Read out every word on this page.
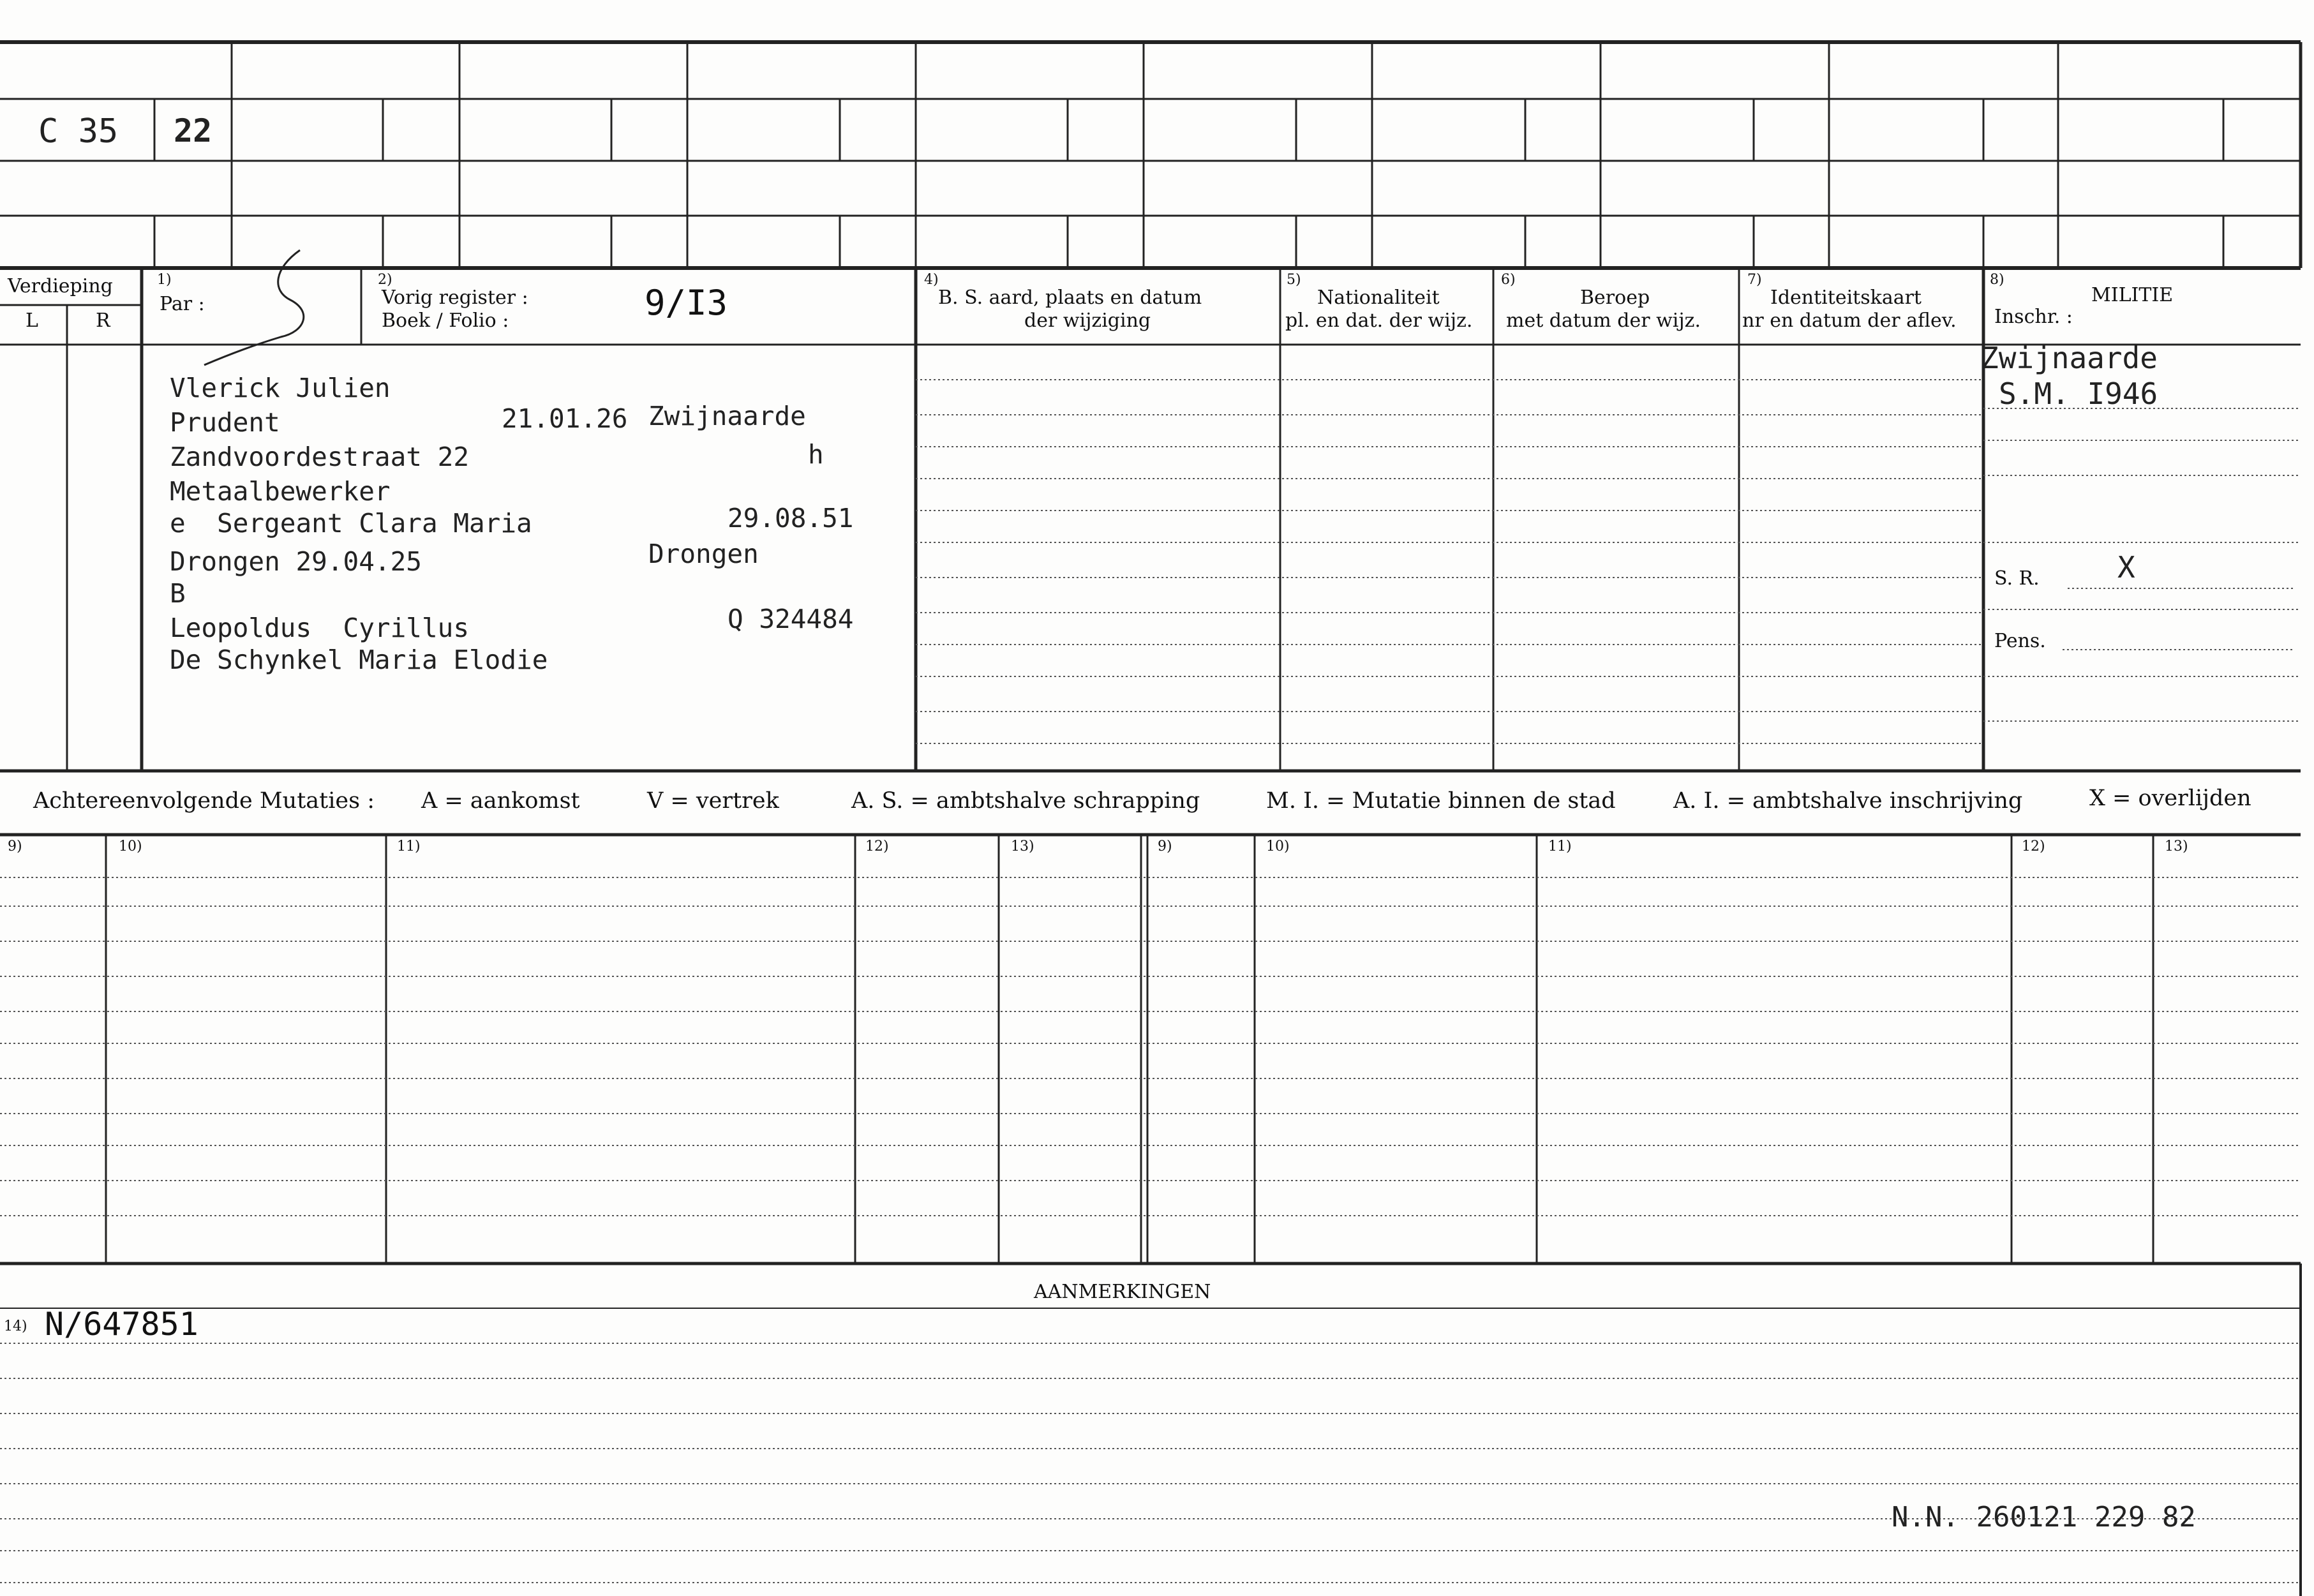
C 35 22
Verdieping
L	R
1)
Par :
2)
Vorig register :
Boek / Folio :	9/I3
4)
B. S. aard, plaats en datum
der wijziging
5)
Nationaliteit
pl. en dat. der wijz.
6)
Beroep
met datum der wijz.
7)
Identiteitskaart
nr en datum der aflev.
8)
MILITIE
Inschr. :
Vlerick Julien
Prudent	21.01.26 Zwijnaarde
Zandvoordestraat 22	h
Metaalbewerker
e  Sergeant Clara Maria	29.08.51
Drongen 29.04.25	Drongen
B
Leopoldus  Cyrillus	Q 324484
De Schynkel Maria Elodie
Zwijnaarde
S.M. I946
S. R.	X
Pens.
Achtereenvolgende Mutaties : A = aankomst	V = vertrek	A. S. = ambtshalve schrapping	M. I. = Mutatie binnen de stad	A. I. = ambtshalve inschrijving	X = overlijden
9)	10)	11)	12)	13)	9)	10)	11)	12)	13)
AANMERKINGEN
14) N/647851
N.N. 260121 229 82
